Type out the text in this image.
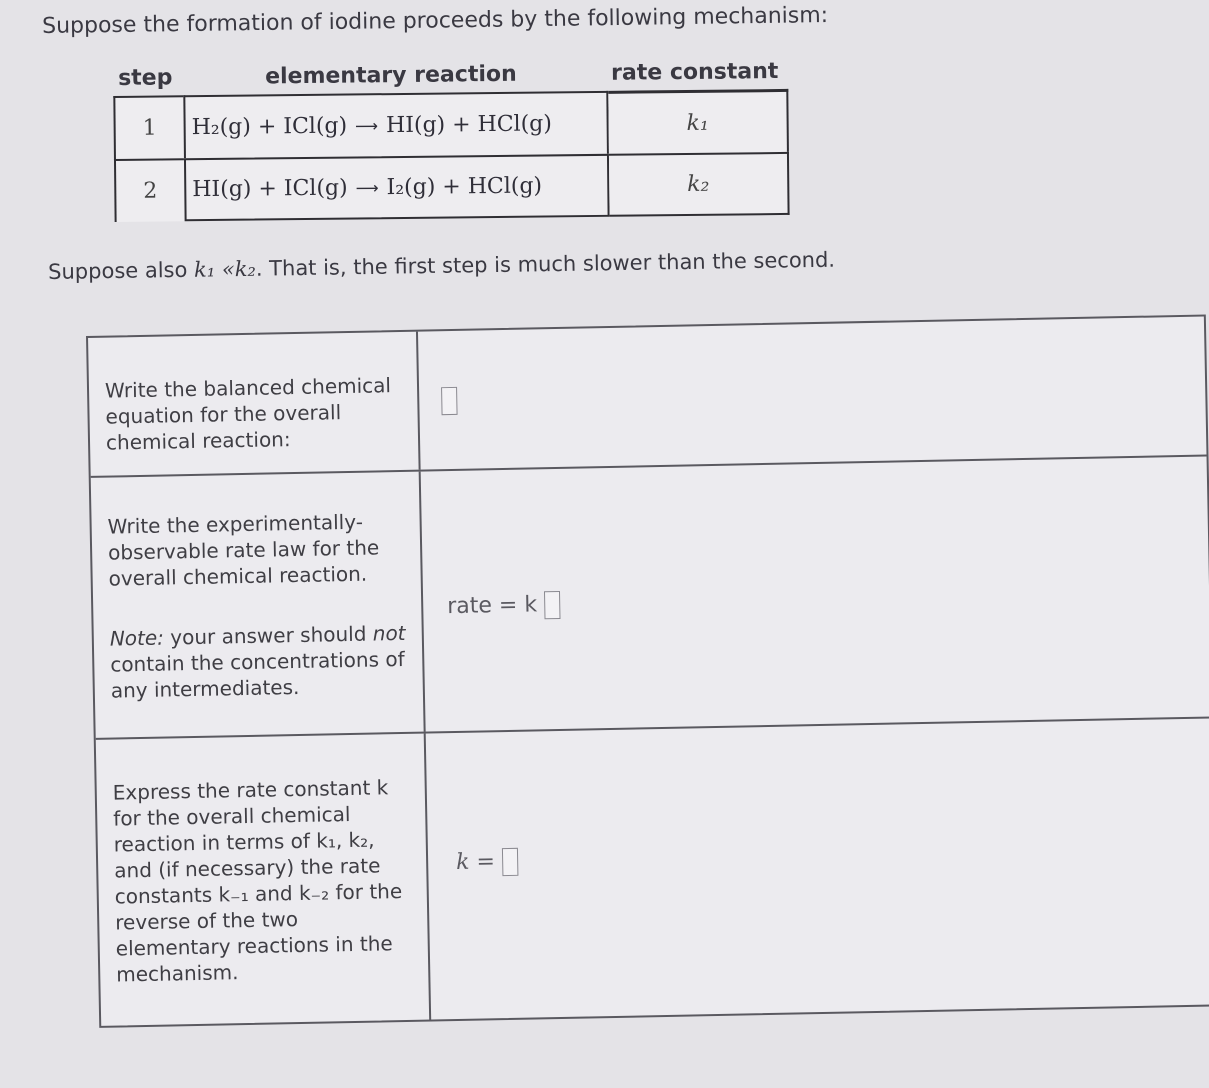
Suppose the formation of iodine proceeds by the following mechanism:

step	elementary reaction	rate constant
1	H₂(g) + ICl(g) ⟶ HI(g) + HCl(g)	k₁
2	HI(g) + ICl(g) ⟶ I₂(g) + HCl(g)	k₂
Suppose also k₁ «k₂. That is, the first step is much slower than the second.
Write the balanced chemical equation for the overall chemical reaction:
Write the experimentally-observable rate law for the overall chemical reaction.
Note: your answer should not contain the concentrations of any intermediates.
rate = k
Express the rate constant k for the overall chemical reaction in terms of k₁, k₂, and (if necessary) the rate constants k₋₁ and k₋₂ for the reverse of the two elementary reactions in the mechanism.
k =
